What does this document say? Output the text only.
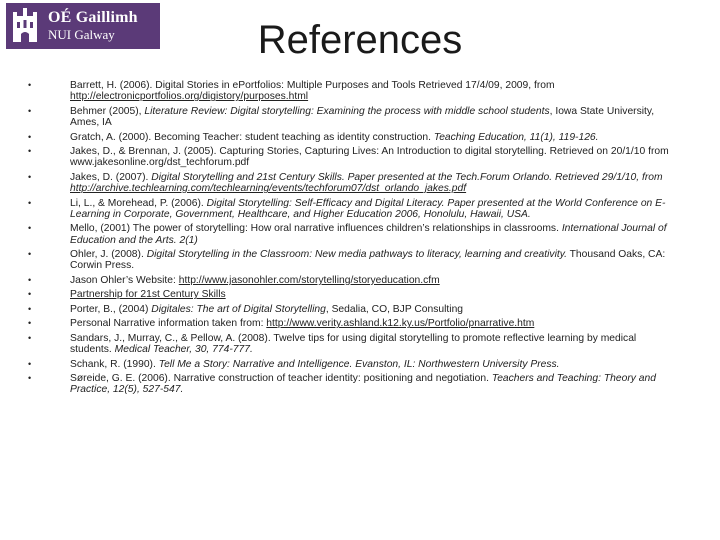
OÉ Gaillimh
NUI Galway	References
•	Barrett, H. (2006). Digital Stories in ePortfolios: Multiple Purposes and Tools Retrieved 17/4/09, 2009, from http://electronicportfolios.org/digistory/purposes.html
•	Behmer (2005), Literature Review: Digital storytelling: Examining the process with middle school students, Iowa State University, Ames, IA
•	Gratch, A. (2000). Becoming Teacher: student teaching as identity construction. Teaching Education, 11(1), 119-126.
•	Jakes, D., & Brennan, J. (2005). Capturing Stories, Capturing Lives: An Introduction to digital storytelling. Retrieved on 20/1/10 from www.jakesonline.org/dst_techforum.pdf
•	Jakes, D. (2007). Digital Storytelling and 21st Century Skills. Paper presented at the Tech.Forum Orlando. Retrieved 29/1/10, from http://archive.techlearning.com/techlearning/events/techforum07/dst_orlando_jakes.pdf
•	Li, L., & Morehead, P. (2006). Digital Storytelling: Self-Efficacy and Digital Literacy. Paper presented at the World Conference on E-Learning in Corporate, Government, Healthcare, and Higher Education 2006, Honolulu, Hawaii, USA.
•	Mello, (2001) The power of storytelling: How oral narrative influences children’s relationships in classrooms. International Journal of Education and the Arts. 2(1)
•	Ohler, J. (2008). Digital Storytelling in the Classroom: New media pathways to literacy, learning and creativity. Thousand Oaks, CA: Corwin Press.
•	Jason Ohler’s Website: http://www.jasonohler.com/storytelling/storyeducation.cfm
•	Partnership for 21st Century Skills
•	Porter, B., (2004) Digitales: The art of Digital Storytelling, Sedalia, CO, BJP Consulting
•	Personal Narrative information taken from: http://www.verity.ashland.k12.ky.us/Portfolio/pnarrative.htm
•	Sandars, J., Murray, C., & Pellow, A. (2008). Twelve tips for using digital storytelling to promote reflective learning by medical students. Medical Teacher, 30, 774-777.
•	Schank, R. (1990). Tell Me a Story: Narrative and Intelligence. Evanston, IL: Northwestern University Press.
•	Søreide, G. E. (2006). Narrative construction of teacher identity: positioning and negotiation. Teachers and Teaching: Theory and Practice, 12(5), 527-547.
